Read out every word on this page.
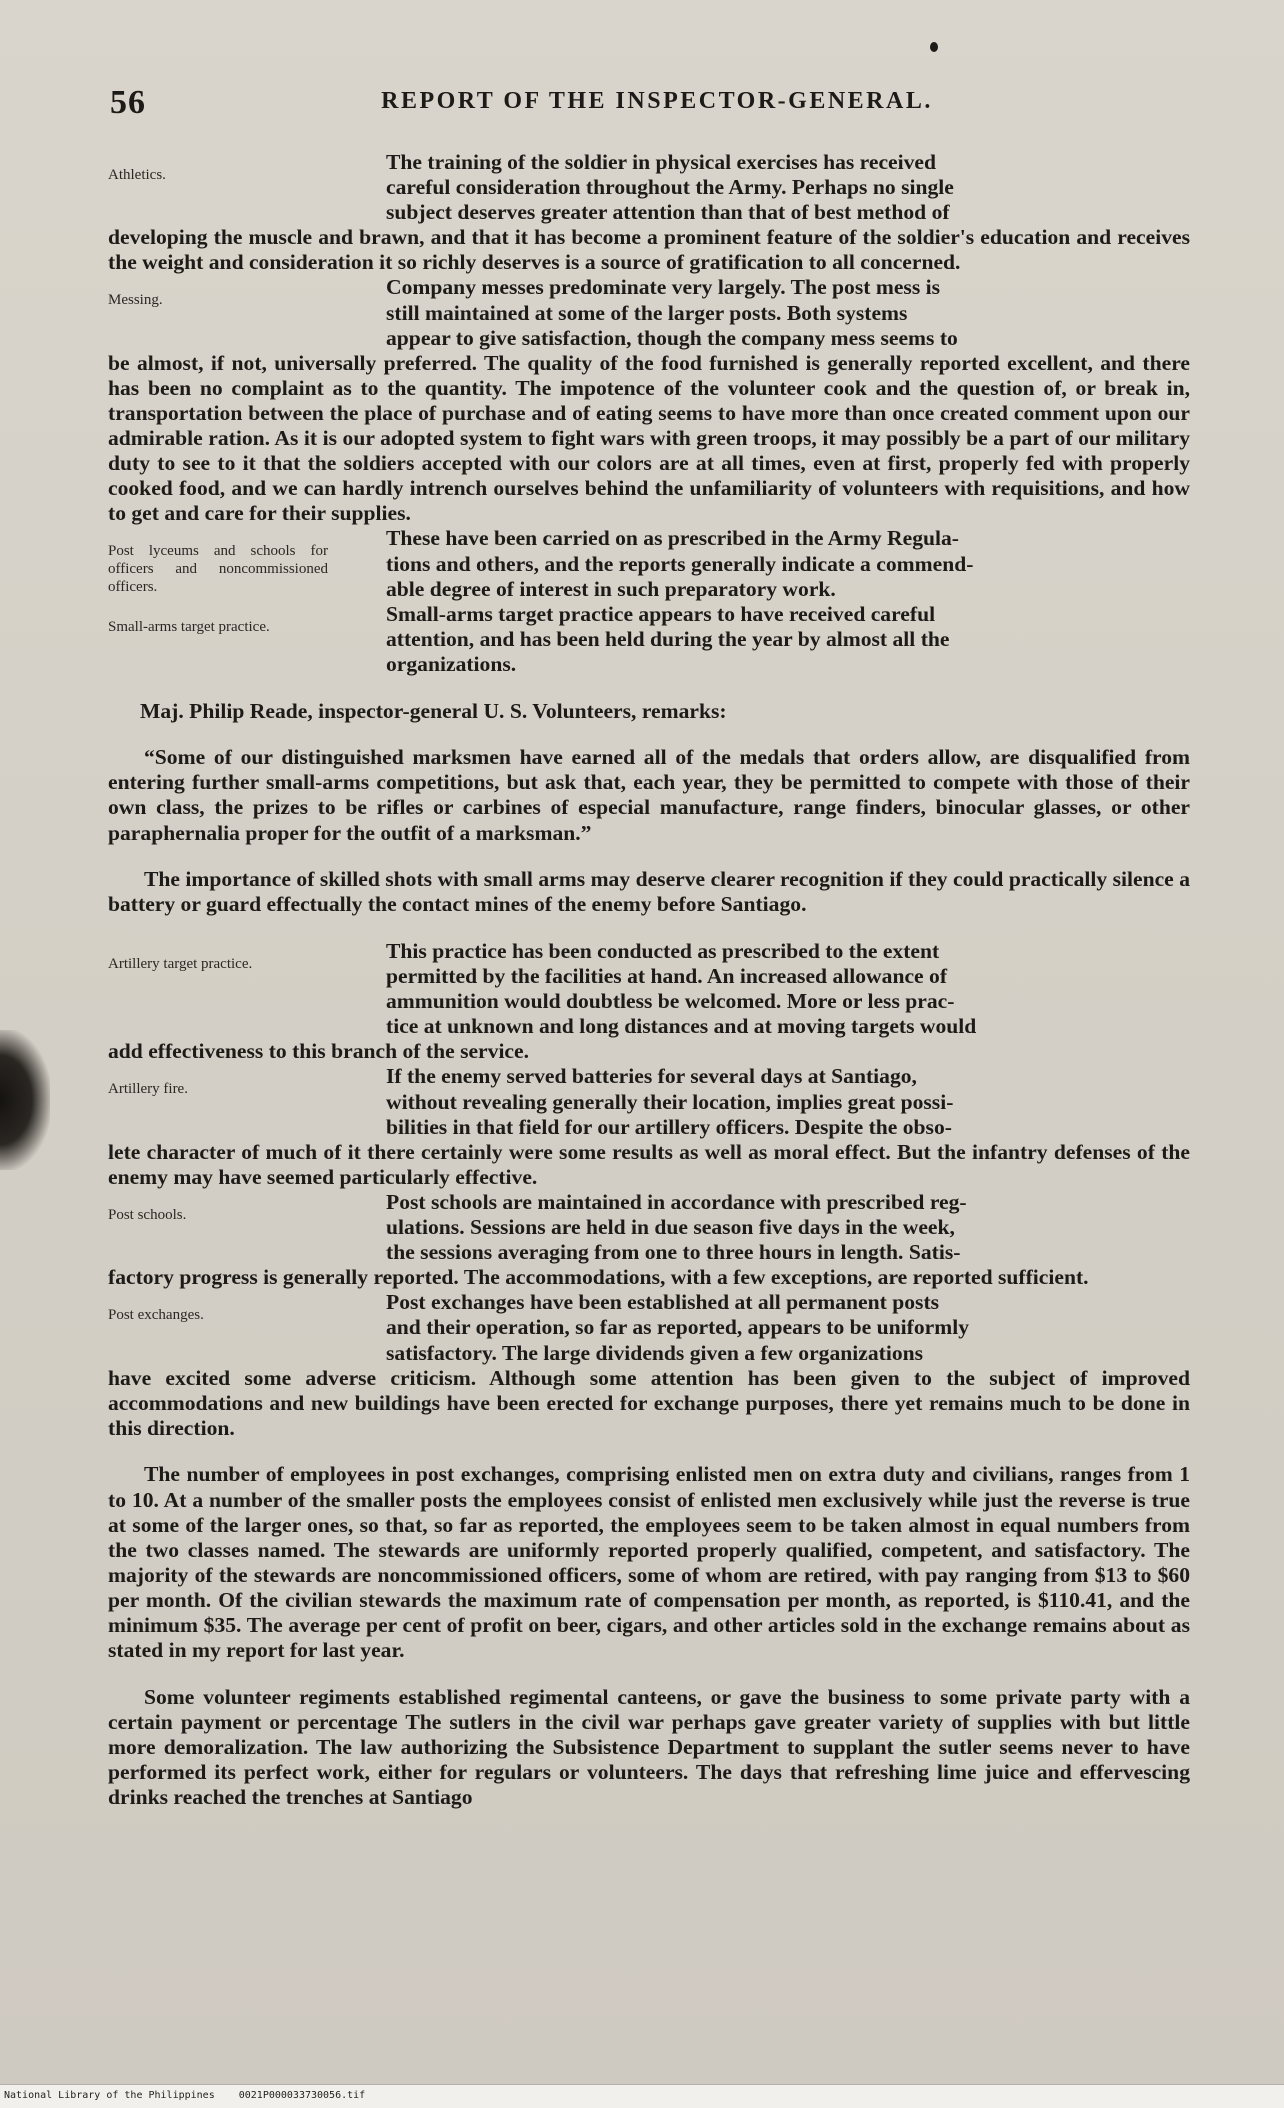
56	REPORT OF THE INSPECTOR-GENERAL.
Athletics.

The training of the soldier in physical exercises has received
careful consideration throughout the Army. Perhaps no single
subject deserves greater attention than that of best method of
developing the muscle and brawn, and that it has become a prominent feature of the soldier's education and receives the weight and consideration it so richly deserves is a source of gratification to all concerned.

Messing.

Company messes predominate very largely. The post mess is
still maintained at some of the larger posts. Both systems
appear to give satisfaction, though the company mess seems to
be almost, if not, universally preferred. The quality of the food furnished is generally reported excellent, and there has been no complaint as to the quantity. The impotence of the volunteer cook and the question of, or break in, transportation between the place of purchase and of eating seems to have more than once created comment upon our admirable ration. As it is our adopted system to fight wars with green troops, it may possibly be a part of our military duty to see to it that the soldiers accepted with our colors are at all times, even at first, properly fed with properly cooked food, and we can hardly intrench ourselves behind the unfamiliarity of volunteers with requisitions, and how to get and care for their supplies.

Post lyceums and schools for officers and noncommissioned officers.

These have been carried on as prescribed in the Army Regula-
tions and others, and the reports generally indicate a commend-
able degree of interest in such preparatory work.

Small-arms target practice.

Small-arms target practice appears to have received careful
attention, and has been held during the year by almost all the
organizations.

Maj. Philip Reade, inspector-general U. S. Volunteers, remarks:

“Some of our distinguished marksmen have earned all of the medals that orders allow, are disqualified from entering further small-arms competitions, but ask that, each year, they be permitted to compete with those of their own class, the prizes to be rifles or carbines of especial manufacture, range finders, binocular glasses, or other paraphernalia proper for the outfit of a marksman.”

The importance of skilled shots with small arms may deserve clearer recognition if they could practically silence a battery or guard effectually the contact mines of the enemy before Santiago.

Artillery target practice.

This practice has been conducted as prescribed to the extent
permitted by the facilities at hand. An increased allowance of
ammunition would doubtless be welcomed. More or less prac-
tice at unknown and long distances and at moving targets would
add effectiveness to this branch of the service.

Artillery fire.

If the enemy served batteries for several days at Santiago,
without revealing generally their location, implies great possi-
bilities in that field for our artillery officers. Despite the obso-
lete character of much of it there certainly were some results as well as moral effect. But the infantry defenses of the enemy may have seemed particularly effective.

Post schools.

Post schools are maintained in accordance with prescribed reg-
ulations. Sessions are held in due season five days in the week,
the sessions averaging from one to three hours in length. Satis-
factory progress is generally reported. The accommodations, with a few exceptions, are reported sufficient.

Post exchanges.

Post exchanges have been established at all permanent posts
and their operation, so far as reported, appears to be uniformly
satisfactory. The large dividends given a few organizations
have excited some adverse criticism. Although some attention has been given to the subject of improved accommodations and new buildings have been erected for exchange purposes, there yet remains much to be done in this direction.

The number of employees in post exchanges, comprising enlisted men on extra duty and civilians, ranges from 1 to 10. At a number of the smaller posts the employees consist of enlisted men exclusively while just the reverse is true at some of the larger ones, so that, so far as reported, the employees seem to be taken almost in equal numbers from the two classes named. The stewards are uniformly reported properly qualified, competent, and satisfactory. The majority of the stewards are noncommissioned officers, some of whom are retired, with pay ranging from $13 to $60 per month. Of the civilian stewards the maximum rate of compensation per month, as reported, is $110.41, and the minimum $35. The average per cent of profit on beer, cigars, and other articles sold in the exchange remains about as stated in my report for last year.

Some volunteer regiments established regimental canteens, or gave the business to some private party with a certain payment or percentage The sutlers in the civil war perhaps gave greater variety of supplies with but little more demoralization. The law authorizing the Subsistence Department to supplant the sutler seems never to have performed its perfect work, either for regulars or volunteers. The days that refreshing lime juice and effervescing drinks reached the trenches at Santiago

National Library of the Philippines 0021P000033730056.tif
